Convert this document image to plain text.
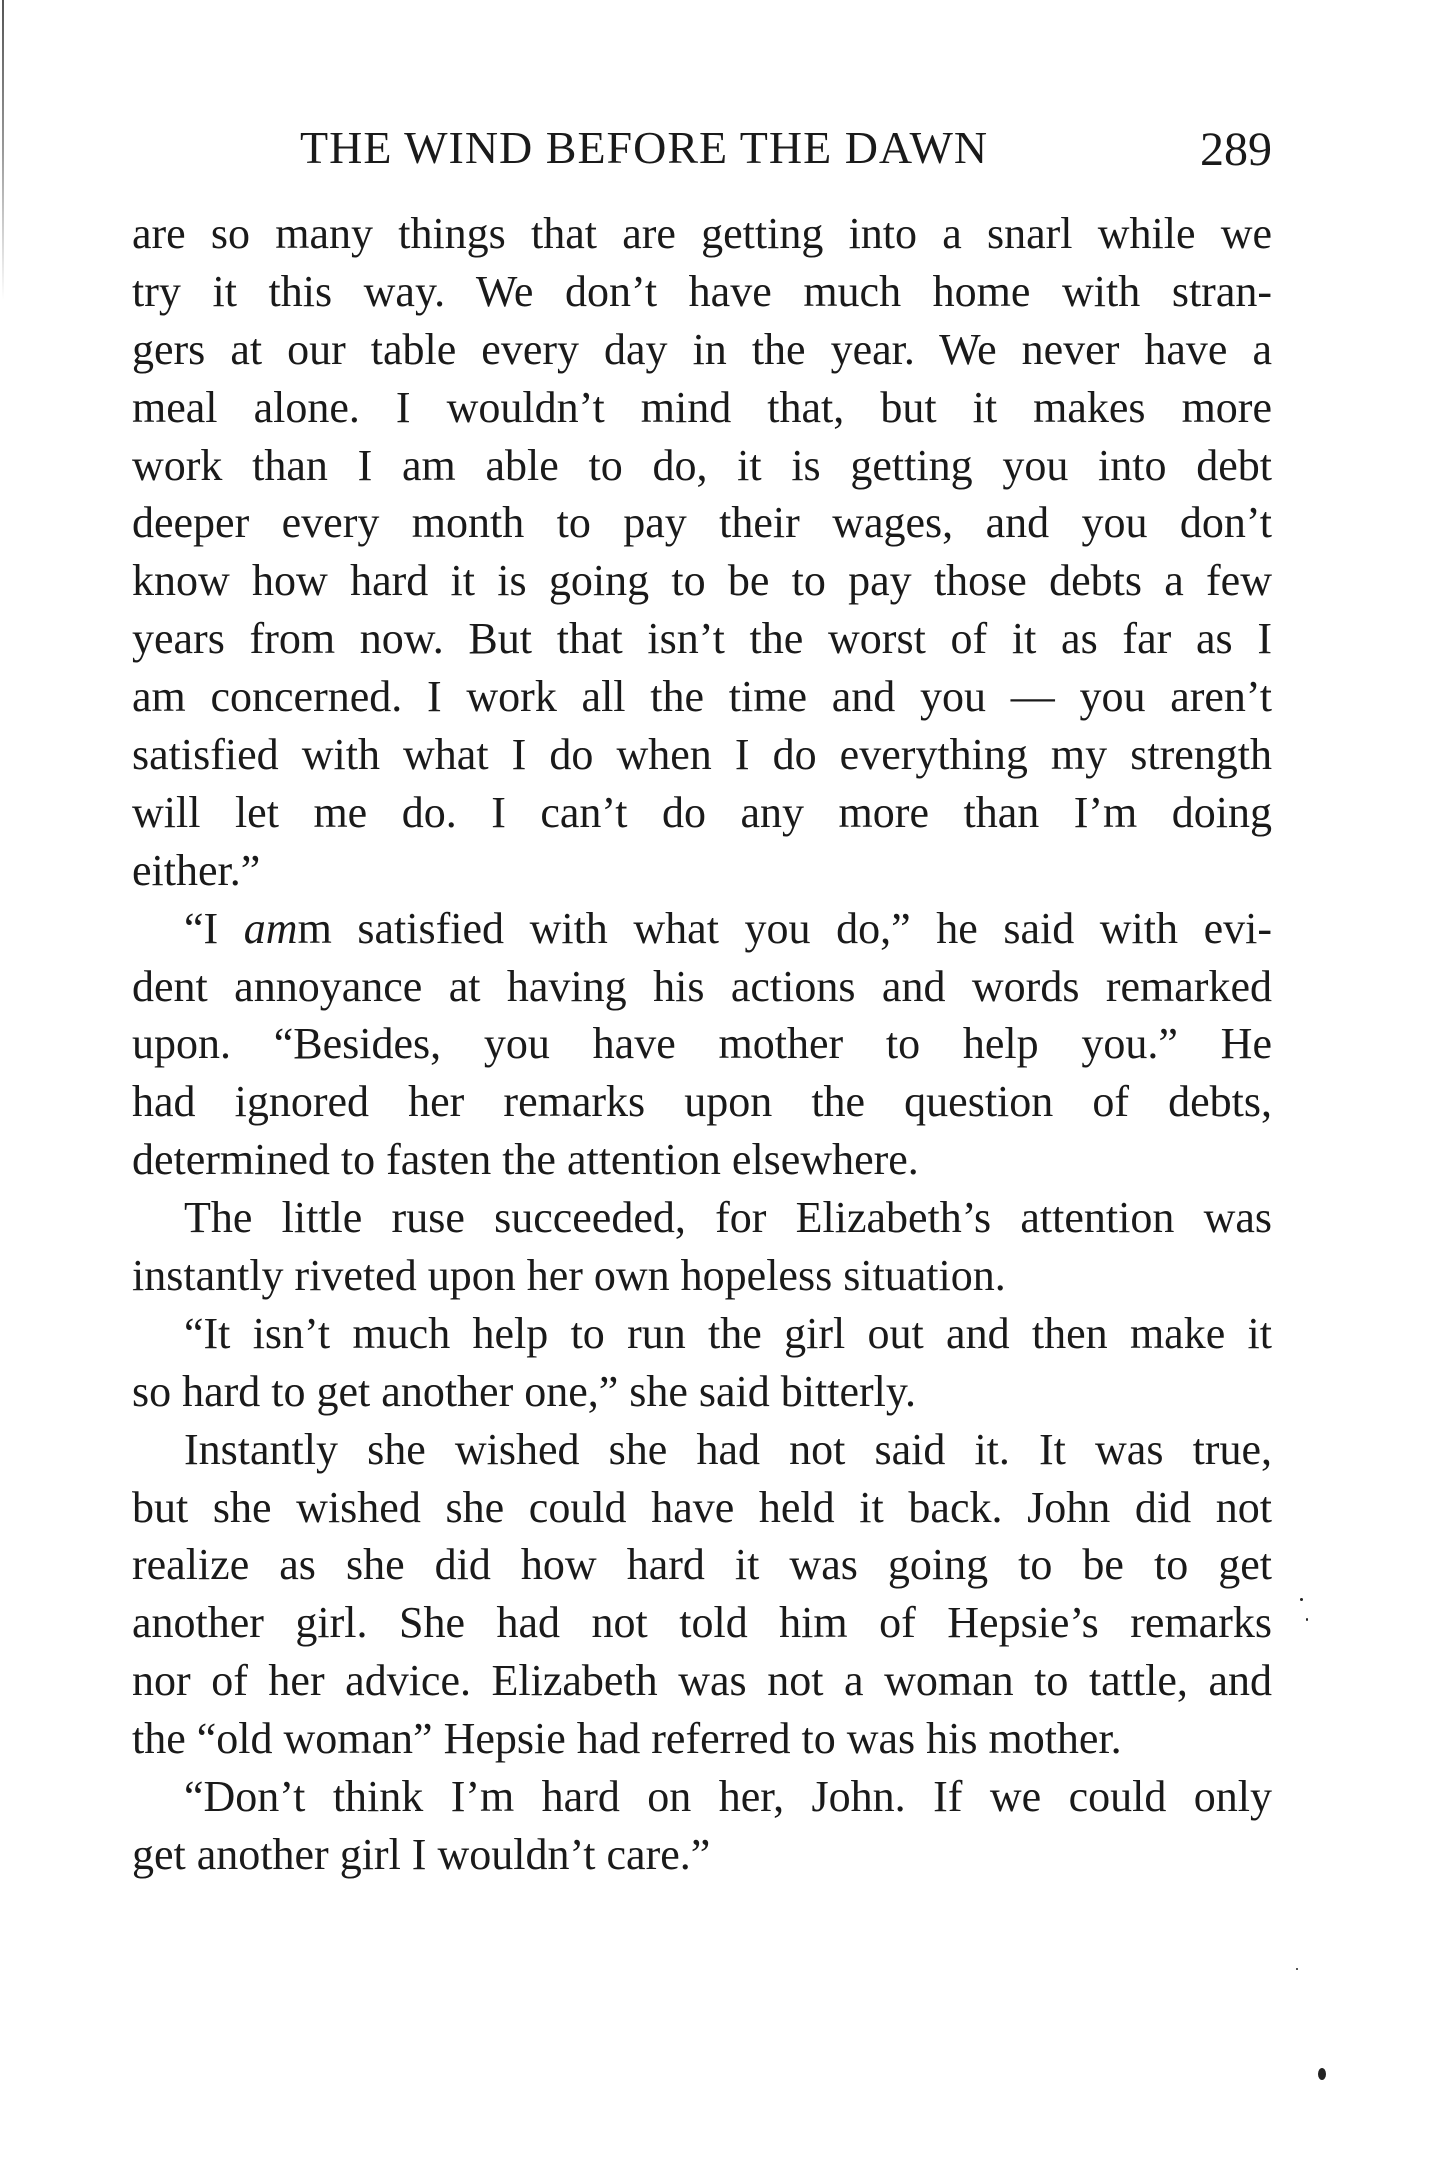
THE WIND BEFORE THE DAWN	289
are so many things that are getting into a snarl while we
try it this way. We don’t have much home with stran-
gers at our table every day in the year. We never have a
meal alone. I wouldn’t mind that, but it makes more
work than I am able to do, it is getting you into debt
deeper every month to pay their wages, and you don’t
know how hard it is going to be to pay those debts a few
years from now. But that isn’t the worst of it as far as I
am concerned. I work all the time and you — you aren’t
satisfied with what I do when I do everything my strength
will let me do. I can’t do any more than I’m doing
either.”
“I amm satisfied with what you do,” he said with evi-
dent annoyance at having his actions and words remarked
upon. “Besides, you have mother to help you.” He
had ignored her remarks upon the question of debts,
determined to fasten the attention elsewhere.
The little ruse succeeded, for Elizabeth’s attention was
instantly riveted upon her own hopeless situation.
“It isn’t much help to run the girl out and then make it
so hard to get another one,” she said bitterly.
Instantly she wished she had not said it. It was true,
but she wished she could have held it back. John did not
realize as she did how hard it was going to be to get
another girl. She had not told him of Hepsie’s remarks
nor of her advice. Elizabeth was not a woman to tattle, and
the “old woman” Hepsie had referred to was his mother.
“Don’t think I’m hard on her, John. If we could only
get another girl I wouldn’t care.”
